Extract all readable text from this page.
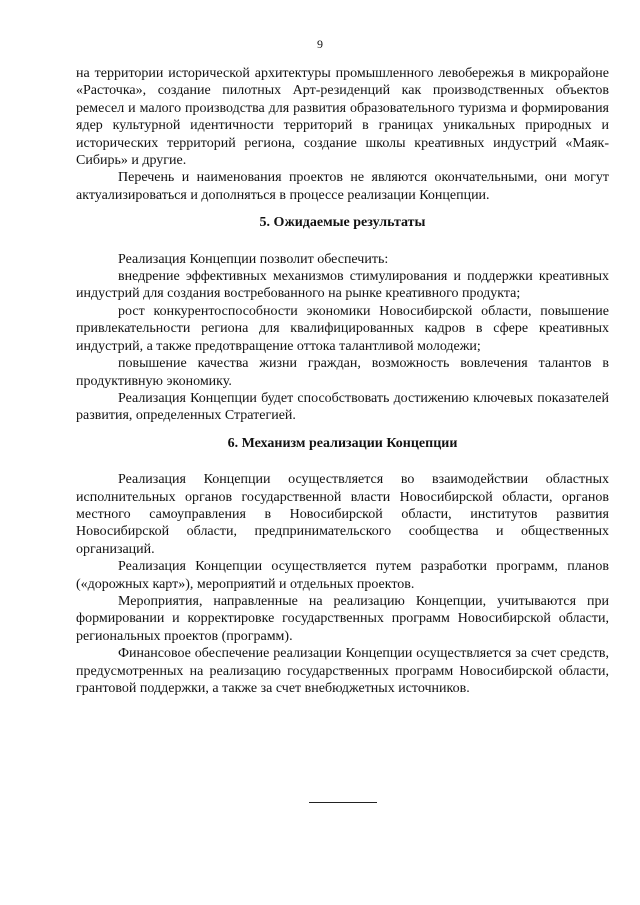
9

на территории исторической архитектуры промышленного левобережья в микрорайоне «Расточка», создание пилотных Арт-резиденций как производственных объектов ремесел и малого производства для развития образовательного туризма и формирования ядер культурной идентичности территорий в границах уникальных природных и исторических территорий региона, создание школы креативных индустрий «Маяк-Сибирь» и другие.

Перечень и наименования проектов не являются окончательными, они могут актуализироваться и дополняться в процессе реализации Концепции.

5. Ожидаемые результаты

Реализация Концепции позволит обеспечить:

внедрение эффективных механизмов стимулирования и поддержки креативных индустрий для создания востребованного на рынке креативного продукта;

рост конкурентоспособности экономики Новосибирской области, повышение привлекательности региона для квалифицированных кадров в сфере креативных индустрий, а также предотвращение оттока талантливой молодежи;

повышение качества жизни граждан, возможность вовлечения талантов в продуктивную экономику.

Реализация Концепции будет способствовать достижению ключевых показателей развития, определенных Стратегией.

6. Механизм реализации Концепции

Реализация Концепции осуществляется во взаимодействии областных исполнительных органов государственной власти Новосибирской области, органов местного самоуправления в Новосибирской области, институтов развития Новосибирской области, предпринимательского сообщества и общественных организаций.

Реализация Концепции осуществляется путем разработки программ, планов («дорожных карт»), мероприятий и отдельных проектов.

Мероприятия, направленные на реализацию Концепции, учитываются при формировании и корректировке государственных программ Новосибирской области, региональных проектов (программ).

Финансовое обеспечение реализации Концепции осуществляется за счет средств, предусмотренных на реализацию государственных программ Новосибирской области, грантовой поддержки, а также за счет внебюджетных источников.
